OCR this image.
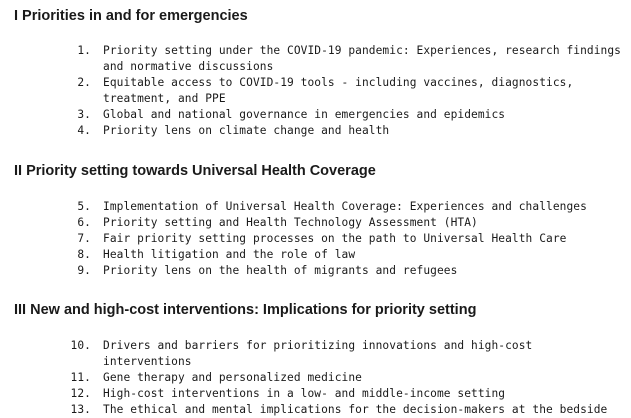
I Priorities in and for emergencies
1. Priority setting under the COVID-19 pandemic: Experiences, research findings and normative discussions
2. Equitable access to COVID-19 tools - including vaccines, diagnostics, treatment, and PPE
3. Global and national governance in emergencies and epidemics
4. Priority lens on climate change and health
II Priority setting towards Universal Health Coverage
5. Implementation of Universal Health Coverage: Experiences and challenges
6. Priority setting and Health Technology Assessment (HTA)
7. Fair priority setting processes on the path to Universal Health Care
8. Health litigation and the role of law
9. Priority lens on the health of migrants and refugees
III New and high-cost interventions: Implications for priority setting
10. Drivers and barriers for prioritizing innovations and high-cost interventions
11. Gene therapy and personalized medicine
12. High-cost interventions in a low- and middle-income setting
13. The ethical and mental implications for the decision-makers at the bedside
